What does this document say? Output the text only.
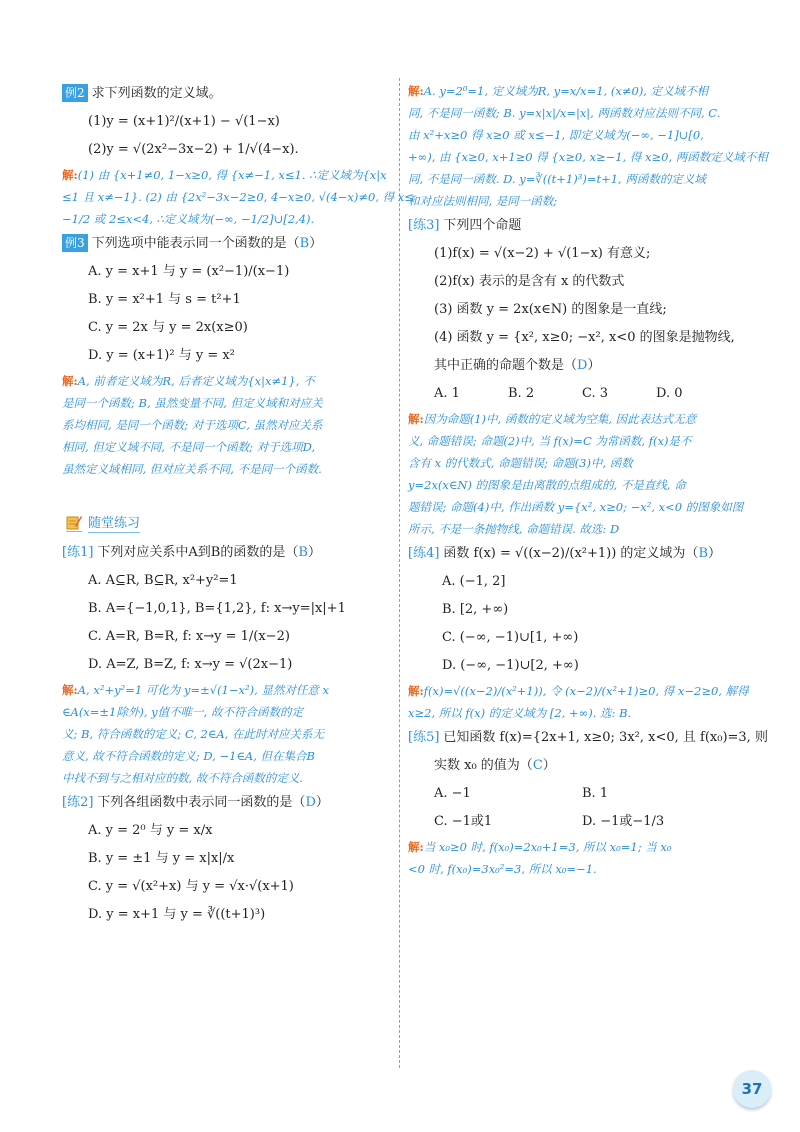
例2 求下列函数的定义域。
(1)y = (x+1)²/(x+1) − √(1−x)
(2)y = √(2x²−3x−2) + 1/√(4−x).
解:(1) 由 {x+1≠0, 1−x≥0, 得 {x≠−1, x≤1. ∴定义域为{x|x
≤1 且 x≠−1}. (2) 由 {2x²−3x−2≥0, 4−x≥0, √(4−x)≠0, 得 x≤
−1/2 或 2≤x<4, ∴定义域为(−∞, −1/2]∪[2,4).
例3 下列选项中能表示同一个函数的是（B）
A. y = x+1 与 y = (x²−1)/(x−1)
B. y = x²+1 与 s = t²+1
C. y = 2x 与 y = 2x(x≥0)
D. y = (x+1)² 与 y = x²
解:A, 前者定义域为R, 后者定义域为{x|x≠1}, 不
是同一个函数; B, 虽然变量不同, 但定义域和对应关
系均相同, 是同一个函数; 对于选项C, 虽然对应关系
相同, 但定义域不同, 不是同一个函数; 对于选项D,
虽然定义域相同, 但对应关系不同, 不是同一个函数.
随堂练习
[练1] 下列对应关系中A到B的函数的是（B）
A. A⊆R, B⊆R, x²+y²=1
B. A={−1,0,1}, B={1,2}, f: x→y=|x|+1
C. A=R, B=R, f: x→y = 1/(x−2)
D. A=Z, B=Z, f: x→y = √(2x−1)
解:A, x²+y²=1 可化为 y=±√(1−x²), 显然对任意 x
∈A(x=±1除外), y值不唯一, 故不符合函数的定
义; B, 符合函数的定义; C, 2∈A, 在此时对应关系无
意义, 故不符合函数的定义; D, −1∈A, 但在集合B
中找不到与之相对应的数, 故不符合函数的定义.
[练2] 下列各组函数中表示同一函数的是（D）
A. y = 2⁰ 与 y = x/x
B. y = ±1 与 y = x|x|/x
C. y = √(x²+x) 与 y = √x·√(x+1)
D. y = x+1 与 y = ∛((t+1)³)
解:A. y=2⁰=1, 定义域为R, y=x/x=1, (x≠0), 定义域不相
同, 不是同一函数; B. y=x|x|/x=|x|, 两函数对应法则不同, C.
由 x²+x≥0 得 x≥0 或 x≤−1, 即定义域为(−∞, −1]∪[0,
+∞), 由 {x≥0, x+1≥0 得 {x≥0, x≥−1, 得 x≥0, 两函数定义域不相
同, 不是同一函数. D. y=∛((t+1)³)=t+1, 两函数的定义域
和对应法则相同, 是同一函数;
[练3] 下列四个命题
(1)f(x) = √(x−2) + √(1−x) 有意义;
(2)f(x) 表示的是含有 x 的代数式
(3) 函数 y = 2x(x∈N) 的图象是一直线;
(4) 函数 y = {x², x≥0; −x², x<0 的图象是抛物线,
其中正确的命题个数是（D）
A. 1	B. 2	C. 3	D. 0
解:因为命题(1)中, 函数的定义域为空集, 因此表达式无意
义, 命题错误; 命题(2)中, 当 f(x)=C 为常函数, f(x)是不
含有 x 的代数式, 命题错误; 命题(3)中, 函数
y=2x(x∈N) 的图象是由离散的点组成的, 不是直线, 命
题错误; 命题(4)中, 作出函数 y={x², x≥0; −x², x<0 的图象如图
所示, 不是一条抛物线, 命题错误. 故选: D
[练4] 函数 f(x) = √((x−2)/(x²+1)) 的定义域为（B）
A. (−1, 2]
B. [2, +∞)
C. (−∞, −1)∪[1, +∞)
D. (−∞, −1)∪[2, +∞)
解:f(x)=√((x−2)/(x²+1)), 令 (x−2)/(x²+1)≥0, 得 x−2≥0, 解得
x≥2, 所以 f(x) 的定义域为 [2, +∞). 选: B.
[练5] 已知函数 f(x)={2x+1, x≥0; 3x², x<0, 且 f(x₀)=3, 则
实数 x₀ 的值为（C）
A. −1	B. 1
C. −1或1	D. −1或−1/3
解:当 x₀≥0 时, f(x₀)=2x₀+1=3, 所以 x₀=1; 当 x₀
<0 时, f(x₀)=3x₀²=3, 所以 x₀=−1.
37
